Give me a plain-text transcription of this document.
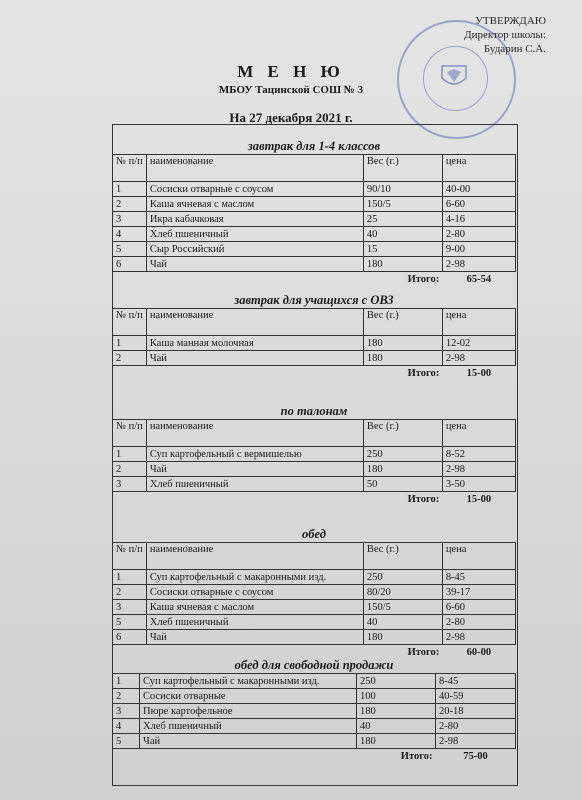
УТВЕРЖДАЮ
Директор школы:
Бударин С.А.
М Е Н Ю
МБОУ Тацинской СОШ № 3
На 27 декабря 2021 г.
завтрак для 1-4 классов
№ п/п	наименование	Вес (г.)	цена
1	Сосиски отварные с соусом	90/10	40-00
2	Каша ячневая с маслом	150/5	6-60
3	Икра кабачковая	25	4-16
4	Хлеб пшеничный	40	2-80
5	Сыр Российский	15	9-00
6	Чай	180	2-98
		Итого:	65-54
завтрак для учащихся с ОВЗ
№ п/п	наименование	Вес (г.)	цена
1	Каша манная молочная	180	12-02
2	Чай	180	2-98
		Итого:	15-00
по талонам
№ п/п	наименование	Вес (г.)	цена
1	Суп картофельный с вермишелью	250	8-52
2	Чай	180	2-98
3	Хлеб пшеничный	50	3-50
		Итого:	15-00
обед
№ п/п	наименование	Вес (г.)	цена
1	Суп картофельный с макаронными изд.	250	8-45
2	Сосиски отварные с соусом	80/20	39-17
3	Каша ячневая с маслом	150/5	6-60
5	Хлеб пшеничный	40	2-80
6	Чай	180	2-98
		Итого:	60-00
обед для свободной продажи
1	Суп картофельный с макаронными изд.	250	8-45
2	Сосиски отварные	100	40-59
3	Пюре картофельное	180	20-18
4	Хлеб пшеничный	40	2-80
5	Чай	180	2-98
		Итого:	75-00
